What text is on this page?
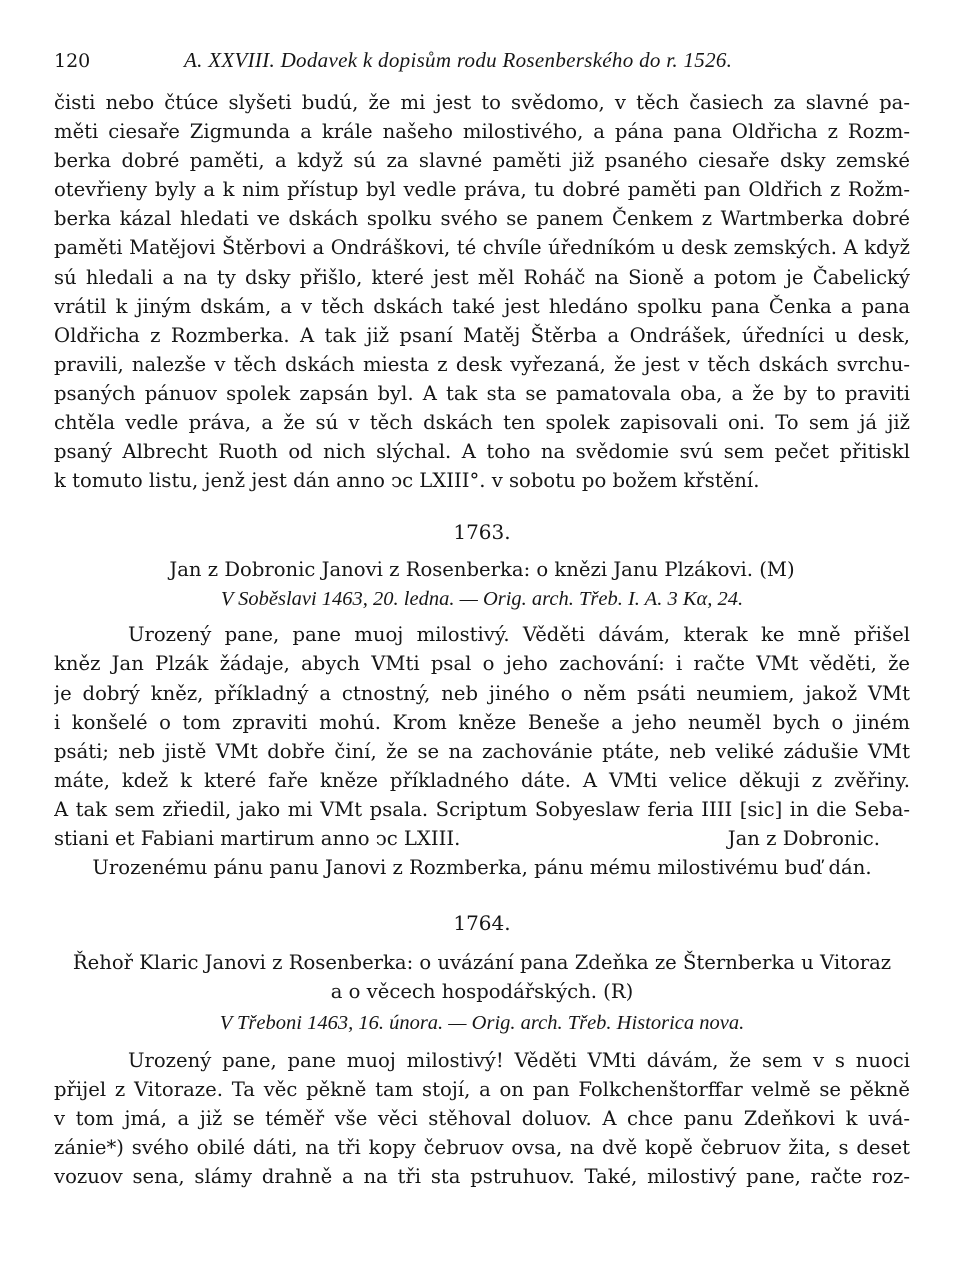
120	A. XXVIII. Dodavek k dopisům rodu Rosenberského do r. 1526.
čisti nebo čtúce slyšeti budú, že mi jest to svědomo, v těch časiech za slavné pa-
měti ciesaře Zigmunda a krále našeho milostivého, a pána pana Oldřicha z Rozm-
berka dobré paměti, a když sú za slavné paměti již psaného ciesaře dsky zemské
otevřieny byly a k nim přístup byl vedle práva, tu dobré paměti pan Oldřich z Rožm-
berka kázal hledati ve dskách spolku svého se panem Čenkem z Wartmberka dobré
paměti Matějovi Štěrbovi a Ondráškovi, té chvíle úředníkóm u desk zemských. A když
sú hledali a na ty dsky přišlo, které jest měl Roháč na Sioně a potom je Čabelický
vrátil k jiným dskám, a v těch dskách také jest hledáno spolku pana Čenka a pana
Oldřicha z Rozmberka. A tak již psaní Matěj Štěrba a Ondrášek, úředníci u desk,
pravili, nalezše v těch dskách miesta z desk vyřezaná, že jest v těch dskách svrchu-
psaných pánuov spolek zapsán byl. A tak sta se pamatovala oba, a že by to praviti
chtěla vedle práva, a že sú v těch dskách ten spolek zapisovali oni. To sem já již
psaný Albrecht Ruoth od nich slýchal. A toho na svědomie svú sem pečet přitiskl
k tomuto listu, jenž jest dán anno ↄc LXIII°. v sobotu po božem křstění.
1763.
Jan z Dobronic Janovi z Rosenberka: o knězi Janu Plzákovi. (M)
V Soběslavi 1463, 20. ledna. — Orig. arch. Třeb. I. A. 3 Kα, 24.
Urozený pane, pane muoj milostivý. Věděti dávám, kterak ke mně přišel
kněz Jan Plzák žádaje, abych VMti psal o jeho zachování: i račte VMt věděti, že
je dobrý kněz, příkladný a ctnostný, neb jiného o něm psáti neumiem, jakož VMt
i konšelé o tom zpraviti mohú. Krom kněze Beneše a jeho neuměl bych o jiném
psáti; neb jistě VMt dobře činí, že se na zachovánie ptáte, neb veliké zádušie VMt
máte, kdež k které faře kněze příkladného dáte. A VMti velice děkuji z zvěřiny.
A tak sem zřiedil, jako mi VMt psala. Scriptum Sobyeslaw feria IIII [sic] in die Seba-
stiani et Fabiani martirum anno ↄc LXIII.	Jan z Dobronic.
Urozenému pánu panu Janovi z Rozmberka, pánu mému milostivému buď dán.
1764.
Řehoř Klaric Janovi z Rosenberka: o uvázání pana Zdeňka ze Šternberka u Vitoraz
a o věcech hospodářských. (R)
V Třeboni 1463, 16. února. — Orig. arch. Třeb. Historica nova.
Urozený pane, pane muoj milostivý! Věděti VMti dávám, že sem v s nuoci
přijel z Vitoraze. Ta věc pěkně tam stojí, a on pan Folkchenštorffar velmě se pěkně
v tom jmá, a již se téměř vše věci stěhoval doluov. A chce panu Zdeňkovi k uvá-
zánie*) svého obilé dáti, na tři kopy čebruov ovsa, na dvě kopě čebruov žita, s deset
vozuov sena, slámy drahně a na tři sta pstruhuov. Také, milostivý pane, račte roz-
